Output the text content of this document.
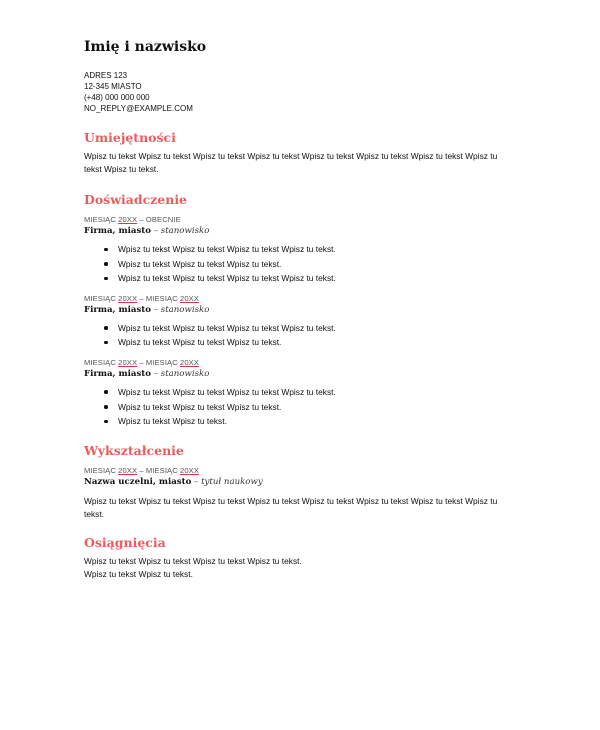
Imię i nazwisko
ADRES 123
12-345 MIASTO
(+48) 000 000 000
NO_REPLY@EXAMPLE.COM
Umiejętności
Wpisz tu tekst Wpisz tu tekst Wpisz tu tekst Wpisz tu tekst Wpisz tu tekst Wpisz tu tekst Wpisz tu tekst Wpisz tu tekst Wpisz tu tekst.
Doświadczenie
MIESIĄC 20XX – OBECNIE
Firma, miasto – stanowisko
Wpisz tu tekst Wpisz tu tekst Wpisz tu tekst Wpisz tu tekst.
Wpisz tu tekst Wpisz tu tekst Wpisz tu tekst.
Wpisz tu tekst Wpisz tu tekst Wpisz tu tekst Wpisz tu tekst.
MIESIĄC 20XX – MIESIĄC 20XX
Firma, miasto – stanowisko
Wpisz tu tekst Wpisz tu tekst Wpisz tu tekst Wpisz tu tekst.
Wpisz tu tekst Wpisz tu tekst Wpisz tu tekst.
MIESIĄC 20XX – MIESIĄC 20XX
Firma, miasto – stanowisko
Wpisz tu tekst Wpisz tu tekst Wpisz tu tekst Wpisz tu tekst.
Wpisz tu tekst Wpisz tu tekst Wpisz tu tekst.
Wpisz tu tekst Wpisz tu tekst.
Wykształcenie
MIESIĄC 20XX – MIESIĄC 20XX
Nazwa uczelni, miasto – tytuł naukowy
Wpisz tu tekst Wpisz tu tekst Wpisz tu tekst Wpisz tu tekst Wpisz tu tekst Wpisz tu tekst Wpisz tu tekst Wpisz tu tekst.
Osiągnięcia
Wpisz tu tekst Wpisz tu tekst Wpisz tu tekst Wpisz tu tekst.
Wpisz tu tekst Wpisz tu tekst.
